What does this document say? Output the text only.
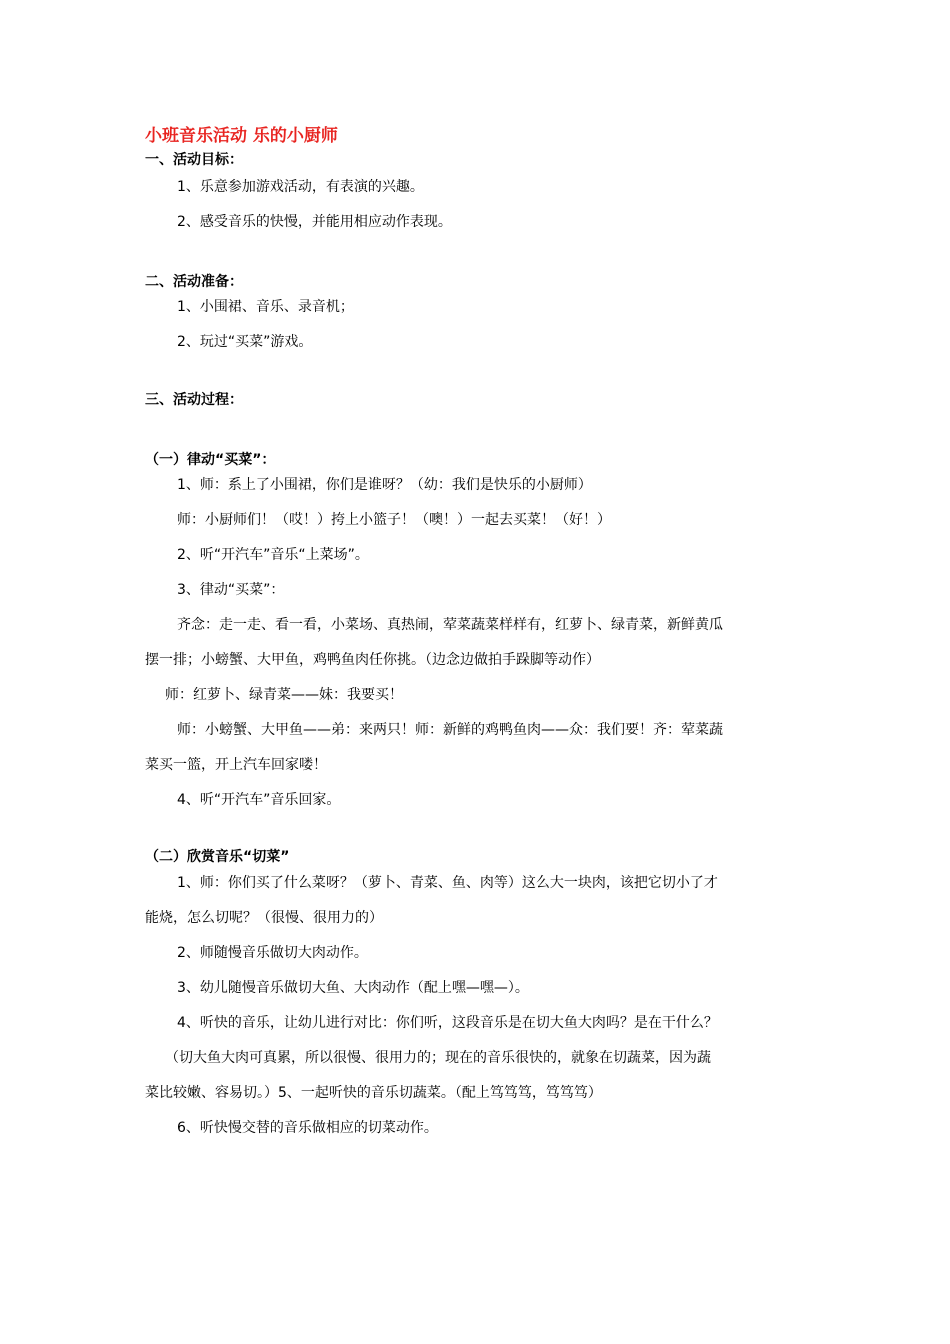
小班音乐活动 乐的小厨师
一、活动目标：
1、乐意参加游戏活动，有表演的兴趣。
2、感受音乐的快慢，并能用相应动作表现。
二、活动准备：
1、小围裙、音乐、录音机；
2、玩过“买菜”游戏。
三、活动过程：
（一）律动“买菜”：
1、师：系上了小围裙，你们是谁呀？（幼：我们是快乐的小厨师）
师：小厨师们！（哎！）挎上小篮子！（噢！）一起去买菜！（好！）
2、听“开汽车”音乐“上菜场”。
3、律动“买菜”：
齐念：走一走、看一看，小菜场、真热闹，荤菜蔬菜样样有，红萝卜、绿青菜，新鲜黄瓜
摆一排；小螃蟹、大甲鱼，鸡鸭鱼肉任你挑。（边念边做拍手跺脚等动作）
师：红萝卜、绿青菜——妹：我要买！
师：小螃蟹、大甲鱼——弟：来两只！师：新鲜的鸡鸭鱼肉——众：我们要！齐：荤菜蔬
菜买一篮，开上汽车回家喽！
4、听“开汽车”音乐回家。
（二）欣赏音乐“切菜”
1、师：你们买了什么菜呀？（萝卜、青菜、鱼、肉等）这么大一块肉，该把它切小了才
能烧，怎么切呢？（很慢、很用力的）
2、师随慢音乐做切大肉动作。
3、幼儿随慢音乐做切大鱼、大肉动作（配上嘿—嘿—）。
4、听快的音乐，让幼儿进行对比：你们听，这段音乐是在切大鱼大肉吗？是在干什么？
（切大鱼大肉可真累，所以很慢、很用力的；现在的音乐很快的，就象在切蔬菜，因为蔬
菜比较嫩、容易切。）5、一起听快的音乐切蔬菜。（配上笃笃笃，笃笃笃）
6、听快慢交替的音乐做相应的切菜动作。
